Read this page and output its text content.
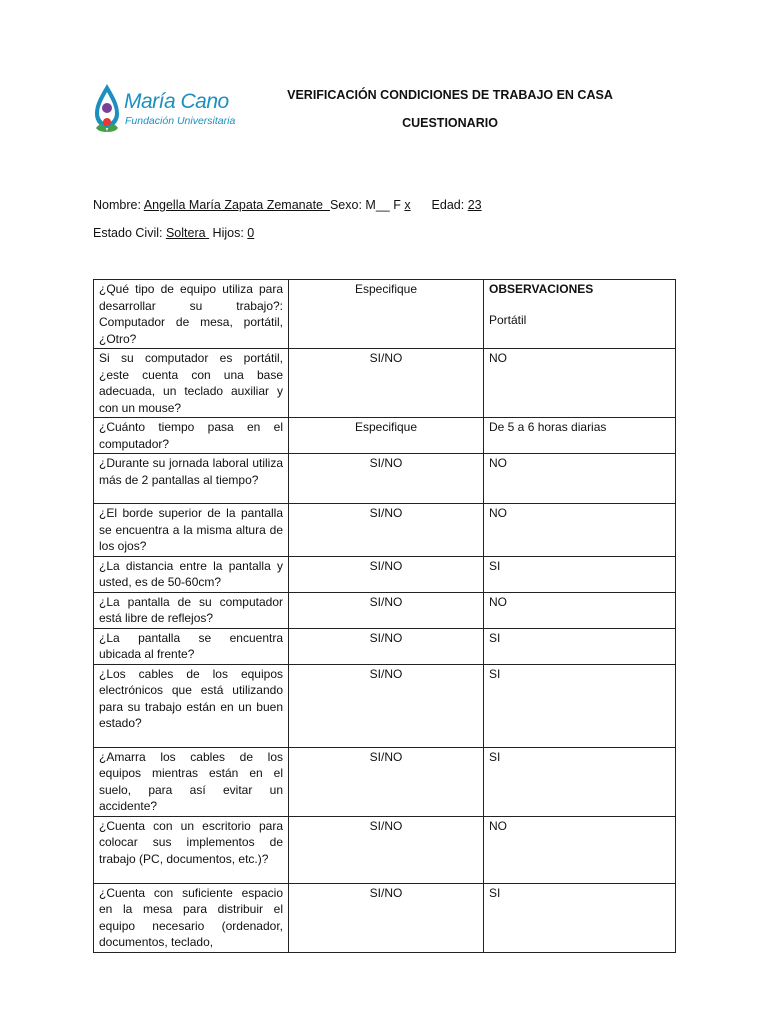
María Cano
Fundación Universitaria
VERIFICACIÓN CONDICIONES DE TRABAJO EN CASA
CUESTIONARIO
Nombre: Angella María Zapata Zemanate Sexo: M__ F x Edad: 23
Estado Civil: Soltera Hijos: 0
¿Qué tipo de equipo utiliza para desarrollar su trabajo?: Computador de mesa, portátil, ¿Otro?	Especifique	OBSERVACIONES
Portátil

Si su computador es portátil, ¿este cuenta con una base adecuada, un teclado auxiliar y con un mouse?	SI/NO	NO
¿Cuánto tiempo pasa en el computador?	Especifique	De 5 a 6 horas diarias
¿Durante su jornada laboral utiliza más de 2 pantallas al tiempo?	SI/NO	NO
¿El borde superior de la pantalla se encuentra a la misma altura de los ojos?	SI/NO	NO
¿La distancia entre la pantalla y usted, es de 50-60cm?	SI/NO	SI
¿La pantalla de su computador está libre de reflejos?	SI/NO	NO
¿La pantalla se encuentra ubicada al frente?	SI/NO	SI
¿Los cables de los equipos electrónicos que está utilizando para su trabajo están en un buen estado?	SI/NO	SI
¿Amarra los cables de los equipos mientras están en el suelo, para así evitar un accidente?	SI/NO	SI
¿Cuenta con un escritorio para colocar sus implementos de trabajo (PC, documentos, etc.)?	SI/NO	NO
¿Cuenta con suficiente espacio en la mesa para distribuir el equipo necesario (ordenador, documentos, teclado,	SI/NO	SI
